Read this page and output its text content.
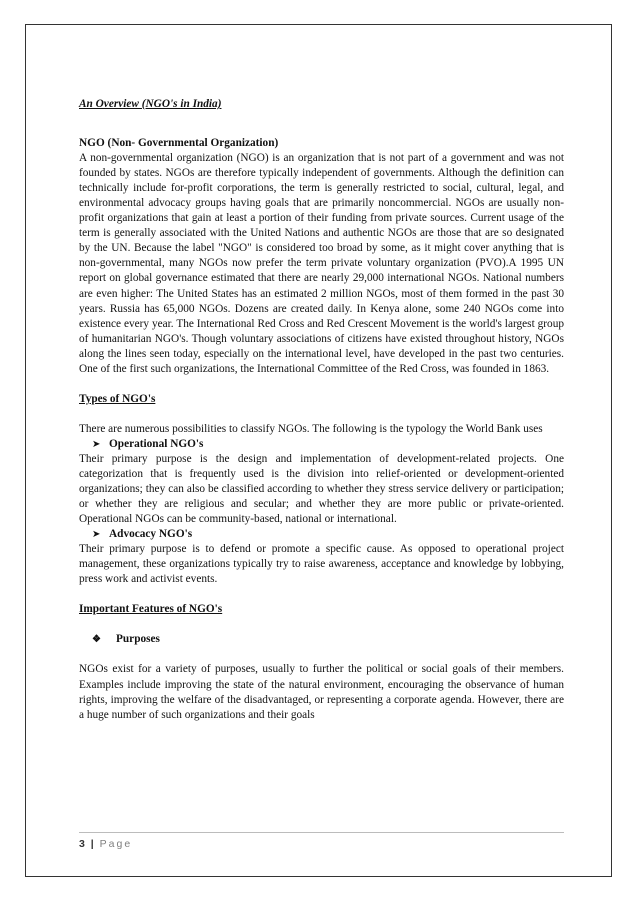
An Overview (NGO's in India)

NGO (Non- Governmental Organization)

A non-governmental organization (NGO) is an organization that is not part of a government and was not founded by states. NGOs are therefore typically independent of governments. Although the definition can technically include for-profit corporations, the term is generally restricted to social, cultural, legal, and environmental advocacy groups having goals that are primarily noncommercial. NGOs are usually non-profit organizations that gain at least a portion of their funding from private sources. Current usage of the term is generally associated with the United Nations and authentic NGOs are those that are so designated by the UN. Because the label "NGO" is considered too broad by some, as it might cover anything that is non-governmental, many NGOs now prefer the term private voluntary organization (PVO).A 1995 UN report on global governance estimated that there are nearly 29,000 international NGOs. National numbers are even higher: The United States has an estimated 2 million NGOs, most of them formed in the past 30 years. Russia has 65,000 NGOs. Dozens are created daily. In Kenya alone, some 240 NGOs come into existence every year. The International Red Cross and Red Crescent Movement is the world's largest group of humanitarian NGO's. Though voluntary associations of citizens have existed throughout history, NGOs along the lines seen today, especially on the international level, have developed in the past two centuries. One of the first such organizations, the International Committee of the Red Cross, was founded in 1863.

Types of NGO's

There are numerous possibilities to classify NGOs. The following is the typology the World Bank uses

➤ Operational NGO's

Their primary purpose is the design and implementation of development-related projects. One categorization that is frequently used is the division into relief-oriented or development-oriented organizations; they can also be classified according to whether they stress service delivery or participation; or whether they are religious and secular; and whether they are more public or private-oriented. Operational NGOs can be community-based, national or international.

➤ Advocacy NGO's

Their primary purpose is to defend or promote a specific cause. As opposed to operational project management, these organizations typically try to raise awareness, acceptance and knowledge by lobbying, press work and activist events.

Important Features of NGO's

❖	Purposes

NGOs exist for a variety of purposes, usually to further the political or social goals of their members. Examples include improving the state of the natural environment, encouraging the observance of human rights, improving the welfare of the disadvantaged, or representing a corporate agenda. However, there are a huge number of such organizations and their goals

3 | Page
